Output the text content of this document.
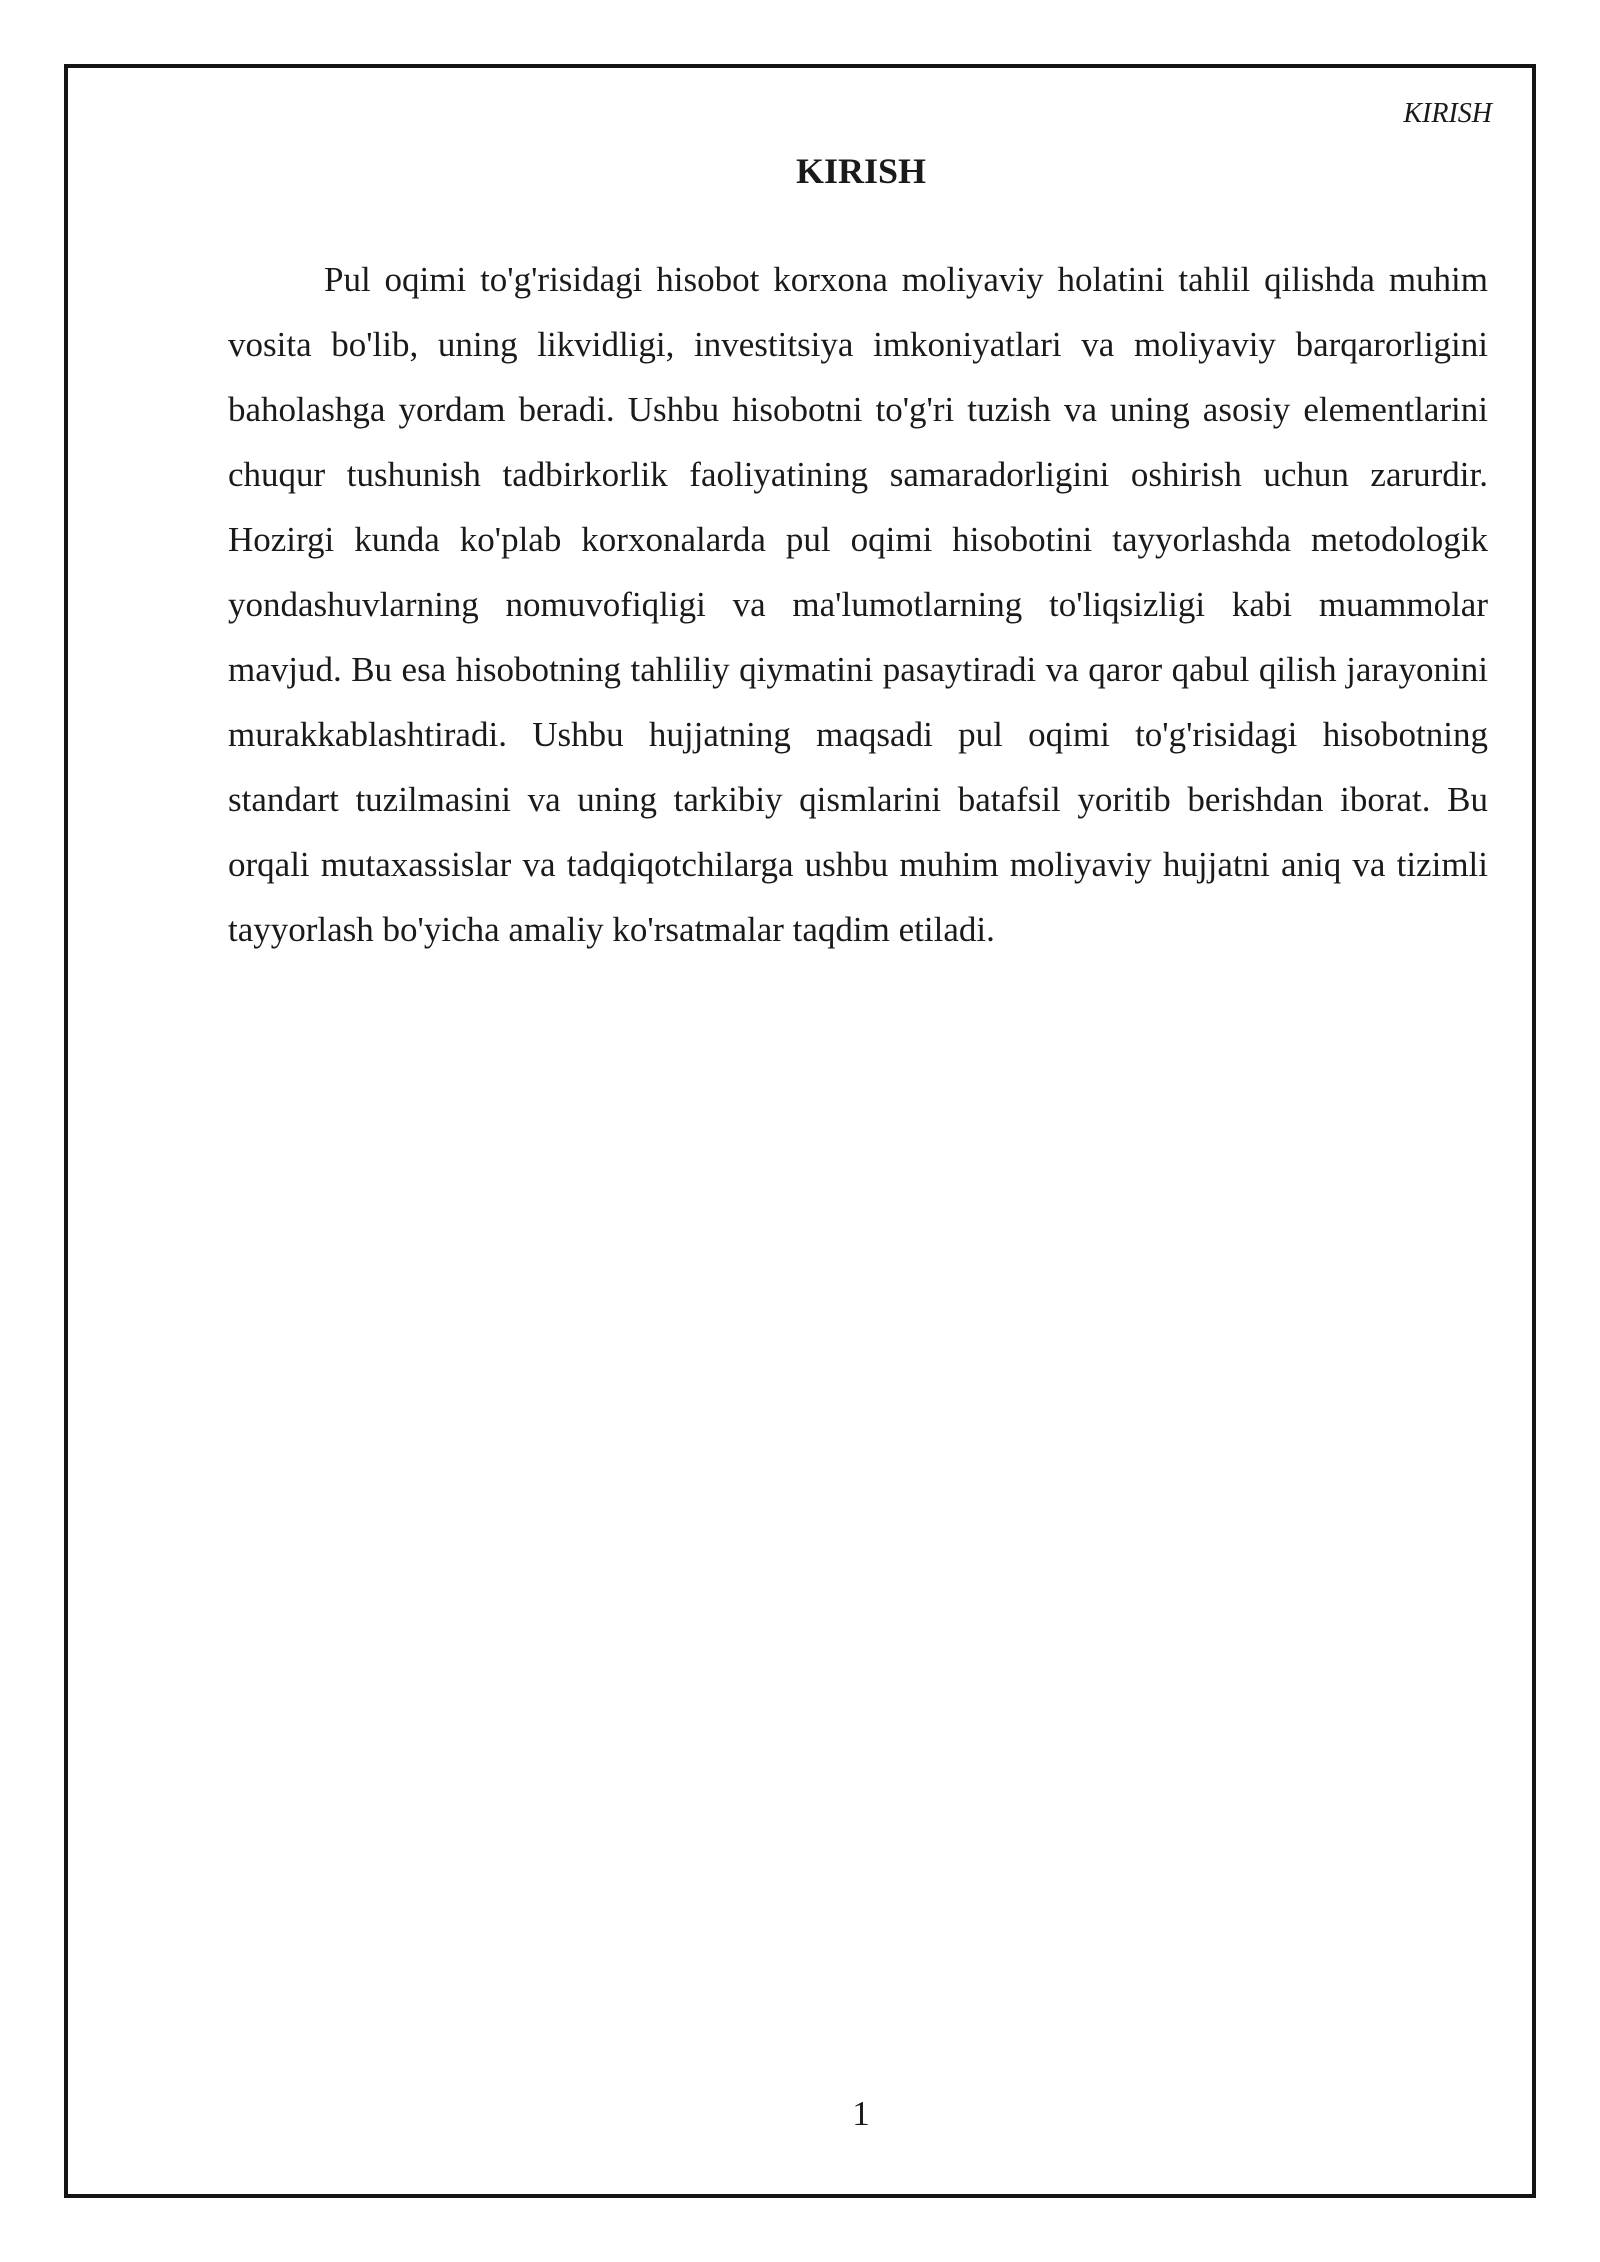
KIRISH

KIRISH

Pul oqimi to'g'risidagi hisobot korxona moliyaviy holatini tahlil qilishda muhim vosita bo'lib, uning likvidligi, investitsiya imkoniyatlari va moliyaviy barqarorligini baholashga yordam beradi. Ushbu hisobotni to'g'ri tuzish va uning asosiy elementlarini chuqur tushunish tadbirkorlik faoliyatining samaradorligini oshirish uchun zarurdir. Hozirgi kunda ko'plab korxonalarda pul oqimi hisobotini tayyorlashda metodologik yondashuvlarning nomuvofiqligi va ma'lumotlarning to'liqsizligi kabi muammolar mavjud. Bu esa hisobotning tahliliy qiymatini pasaytiradi va qaror qabul qilish jarayonini murakkablashtiradi. Ushbu hujjatning maqsadi pul oqimi to'g'risidagi hisobotning standart tuzilmasini va uning tarkibiy qismlarini batafsil yoritib berishdan iborat. Bu orqali mutaxassislar va tadqiqotchilarga ushbu muhim moliyaviy hujjatni aniq va tizimli tayyorlash bo'yicha amaliy ko'rsatmalar taqdim etiladi.

1
